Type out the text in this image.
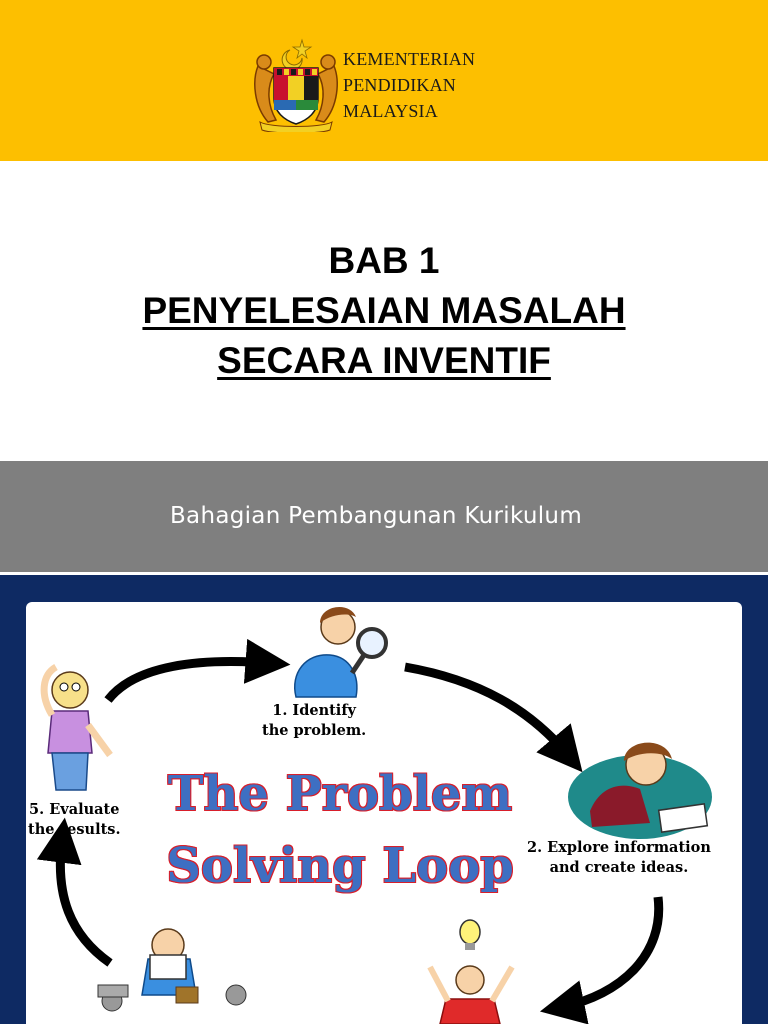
KEMENTERIAN
PENDIDIKAN
MALAYSIA
BAB 1
PENYELESAIAN MASALAH
SECARA INVENTIF
Bahagian Pembangunan Kurikulum
1. Identify
the problem.
2. Explore information
and create ideas.
5. Evaluate
the results.
The Problem
Solving Loop
